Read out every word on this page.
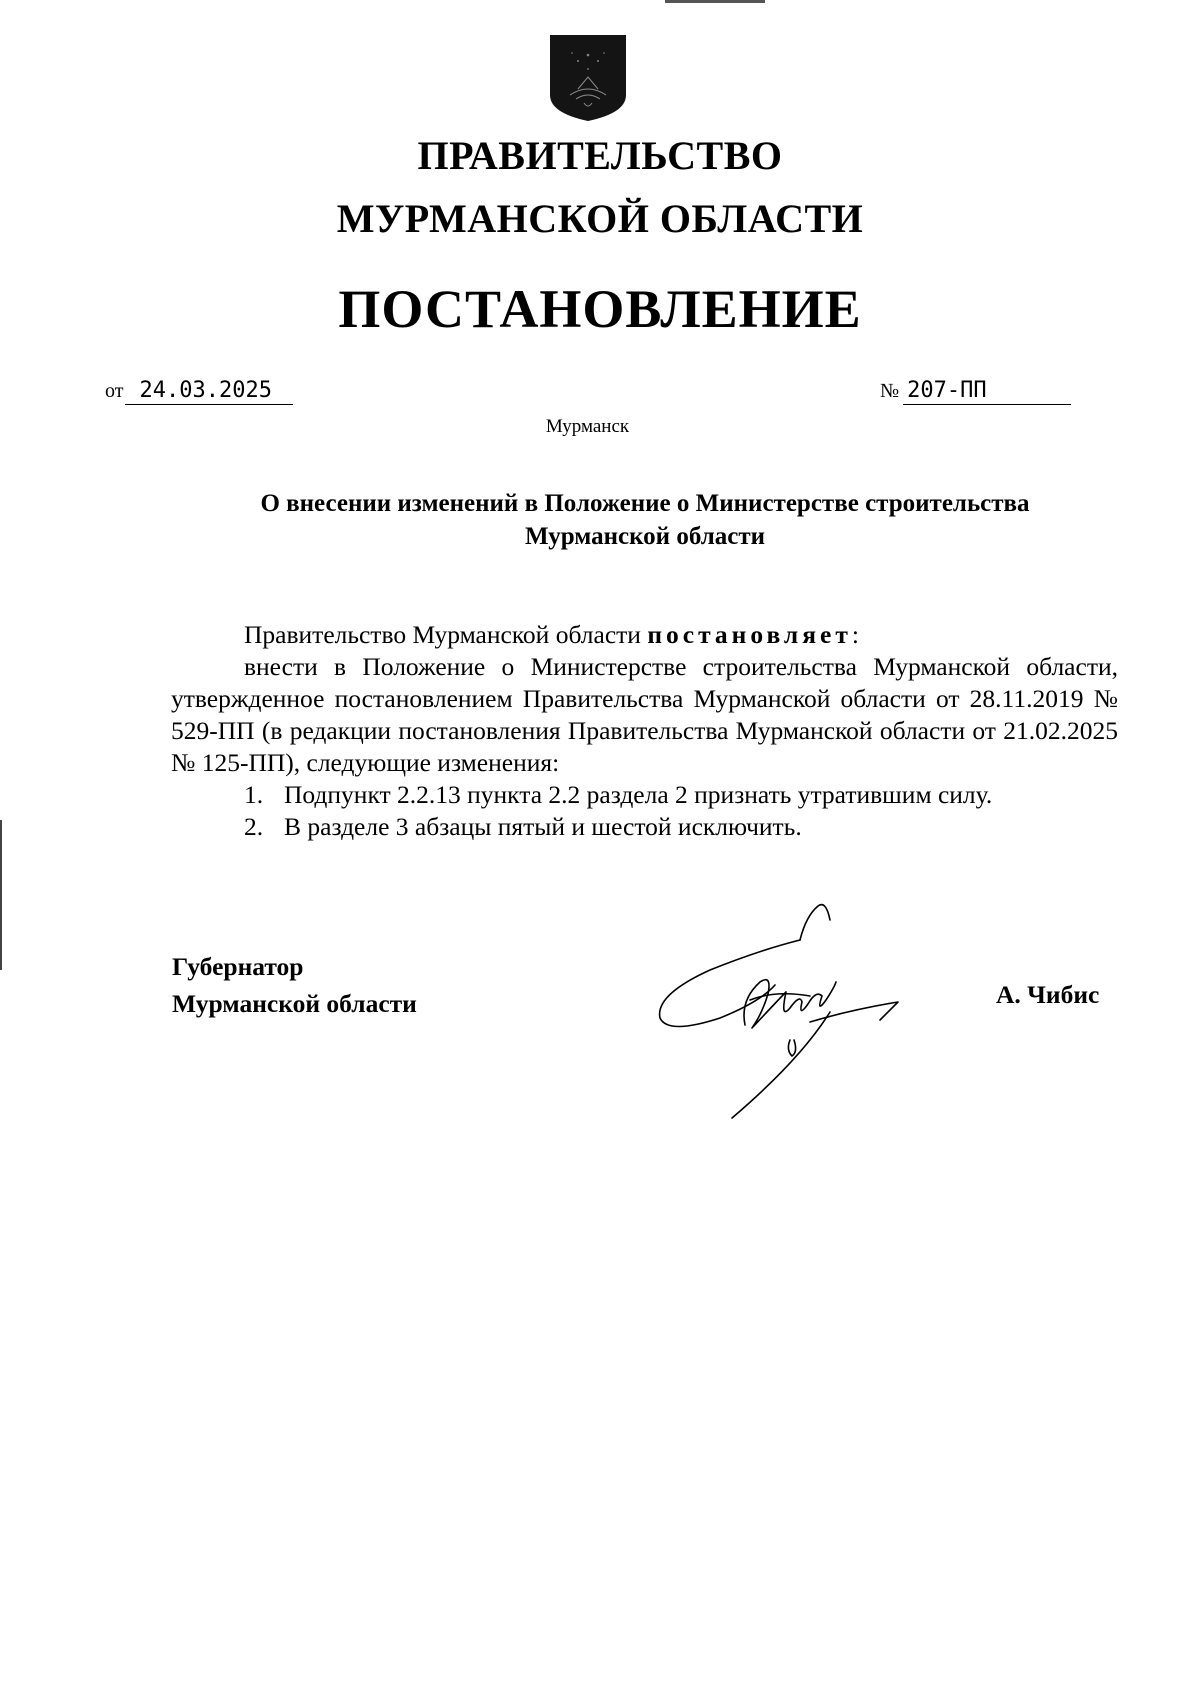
ПРАВИТЕЛЬСТВО
МУРМАНСКОЙ ОБЛАСТИ
ПОСТАНОВЛЕНИЕ
от 24.03.2025	№ 207-ПП
Мурманск
О внесении изменений в Положение о Министерстве строительства
Мурманской области

Правительство Мурманской области постановляет:

внести в Положение о Министерстве строительства Мурманской области, утвержденное постановлением Правительства Мурманской области от 28.11.2019 № 529-ПП (в редакции постановления Правительства Мурманской области от 21.02.2025 № 125-ПП), следующие изменения:

1. Подпункт 2.2.13 пункта 2.2 раздела 2 признать утратившим силу.

2. В разделе 3 абзацы пятый и шестой исключить.

Губернатор
Мурманской области	А. Чибис
